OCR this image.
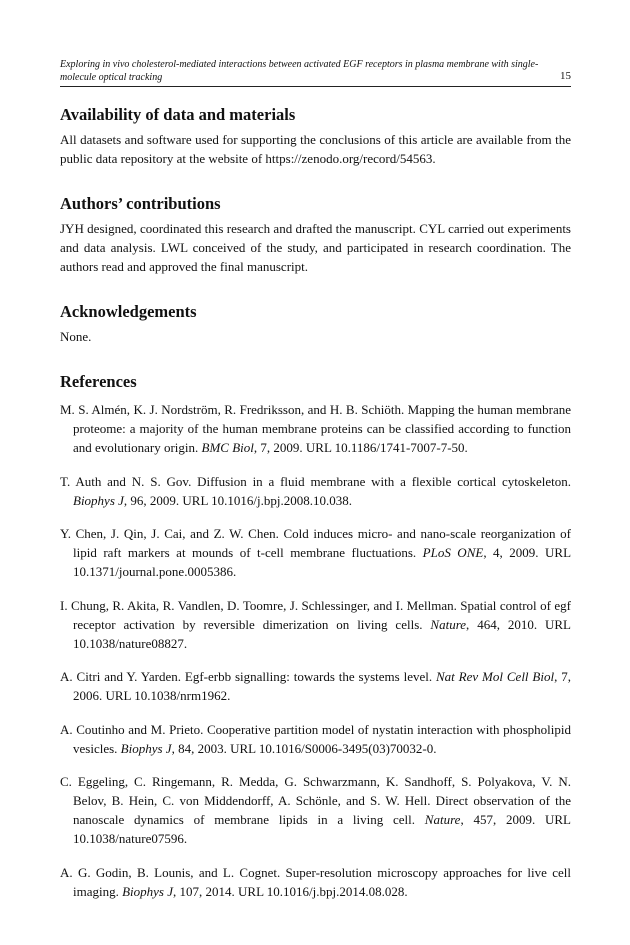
Exploring in vivo cholesterol-mediated interactions between activated EGF receptors in plasma membrane with single-molecule optical tracking	15
Availability of data and materials

All datasets and software used for supporting the conclusions of this article are available from the public data repository at the website of https://zenodo.org/record/54563.

Authors’ contributions

JYH designed, coordinated this research and drafted the manuscript. CYL carried out experiments and data analysis. LWL conceived of the study, and participated in research coordination. The authors read and approved the final manuscript.

Acknowledgements

None.

References
M. S. Almén, K. J. Nordström, R. Fredriksson, and H. B. Schiöth. Mapping the human membrane proteome: a majority of the human membrane proteins can be classified according to function and evolutionary origin. BMC Biol, 7, 2009. URL 10.1186/1741-7007-7-50.
T. Auth and N. S. Gov. Diffusion in a fluid membrane with a flexible cortical cytoskeleton. Biophys J, 96, 2009. URL 10.1016/j.bpj.2008.10.038.
Y. Chen, J. Qin, J. Cai, and Z. W. Chen. Cold induces micro- and nano-scale reorganization of lipid raft markers at mounds of t-cell membrane fluctuations. PLoS ONE, 4, 2009. URL 10.1371/journal.pone.0005386.
I. Chung, R. Akita, R. Vandlen, D. Toomre, J. Schlessinger, and I. Mellman. Spatial control of egf receptor activation by reversible dimerization on living cells. Nature, 464, 2010. URL 10.1038/nature08827.
A. Citri and Y. Yarden. Egf-erbb signalling: towards the systems level. Nat Rev Mol Cell Biol, 7, 2006. URL 10.1038/nrm1962.
A. Coutinho and M. Prieto. Cooperative partition model of nystatin interaction with phospholipid vesicles. Biophys J, 84, 2003. URL 10.1016/S0006-3495(03)70032-0.
C. Eggeling, C. Ringemann, R. Medda, G. Schwarzmann, K. Sandhoff, S. Polyakova, V. N. Belov, B. Hein, C. von Middendorff, A. Schönle, and S. W. Hell. Direct observation of the nanoscale dynamics of membrane lipids in a living cell. Nature, 457, 2009. URL 10.1038/nature07596.
A. G. Godin, B. Lounis, and L. Cognet. Super-resolution microscopy approaches for live cell imaging. Biophys J, 107, 2014. URL 10.1016/j.bpj.2014.08.028.
